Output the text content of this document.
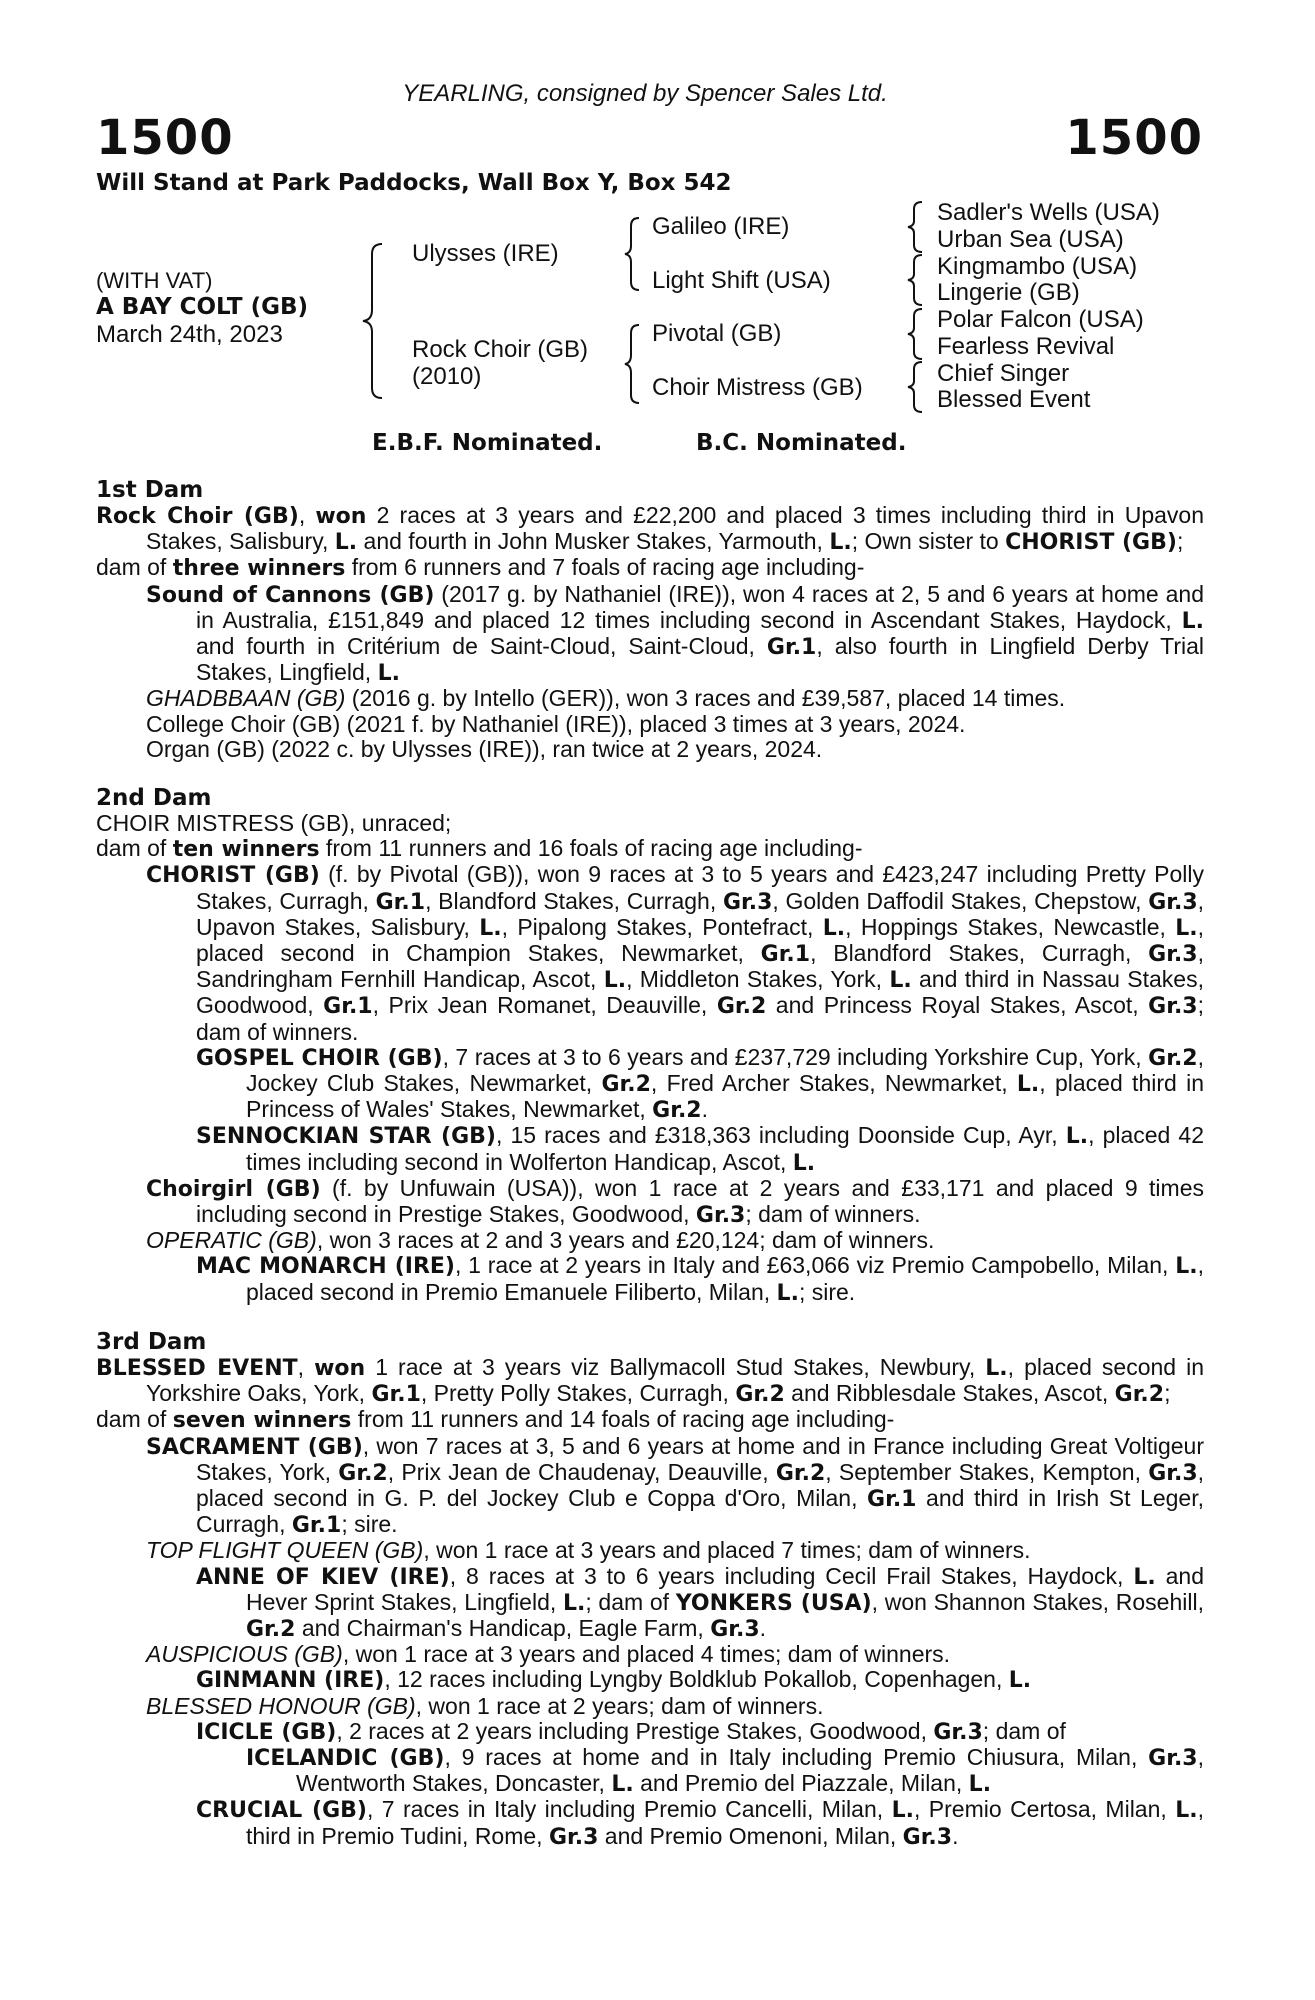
YEARLING, consigned by Spencer Sales Ltd.
1500	1500
Will Stand at Park Paddocks, Wall Box Y, Box 542
(WITH VAT)
A BAY COLT (GB)
March 24th, 2023
Ulysses (IRE)
Rock Choir (GB)
(2010)
Galileo (IRE)
Light Shift (USA)
Pivotal (GB)
Choir Mistress (GB)
Sadler's Wells (USA)
Urban Sea (USA)
Kingmambo (USA)
Lingerie (GB)
Polar Falcon (USA)
Fearless Revival
Chief Singer
Blessed Event
E.B.F. Nominated.	B.C. Nominated.
1st Dam
Rock Choir (GB), won 2 races at 3 years and £22,200 and placed 3 times including third in Upavon Stakes, Salisbury, L. and fourth in John Musker Stakes, Yarmouth, L.; Own sister to CHORIST (GB);
dam of three winners from 6 runners and 7 foals of racing age including-
Sound of Cannons (GB) (2017 g. by Nathaniel (IRE)), won 4 races at 2, 5 and 6 years at home and in Australia, £151,849 and placed 12 times including second in Ascendant Stakes, Haydock, L. and fourth in Critérium de Saint-Cloud, Saint-Cloud, Gr.1, also fourth in Lingfield Derby Trial Stakes, Lingfield, L.
GHADBBAAN (GB) (2016 g. by Intello (GER)), won 3 races and £39,587, placed 14 times.
College Choir (GB) (2021 f. by Nathaniel (IRE)), placed 3 times at 3 years, 2024.
Organ (GB) (2022 c. by Ulysses (IRE)), ran twice at 2 years, 2024.
2nd Dam
CHOIR MISTRESS (GB), unraced;
dam of ten winners from 11 runners and 16 foals of racing age including-
CHORIST (GB) (f. by Pivotal (GB)), won 9 races at 3 to 5 years and £423,247 including Pretty Polly Stakes, Curragh, Gr.1, Blandford Stakes, Curragh, Gr.3, Golden Daffodil Stakes, Chepstow, Gr.3, Upavon Stakes, Salisbury, L., Pipalong Stakes, Pontefract, L., Hoppings Stakes, Newcastle, L., placed second in Champion Stakes, Newmarket, Gr.1, Blandford Stakes, Curragh, Gr.3, Sandringham Fernhill Handicap, Ascot, L., Middleton Stakes, York, L. and third in Nassau Stakes, Goodwood, Gr.1, Prix Jean Romanet, Deauville, Gr.2 and Princess Royal Stakes, Ascot, Gr.3; dam of winners.
GOSPEL CHOIR (GB), 7 races at 3 to 6 years and £237,729 including Yorkshire Cup, York, Gr.2, Jockey Club Stakes, Newmarket, Gr.2, Fred Archer Stakes, Newmarket, L., placed third in Princess of Wales' Stakes, Newmarket, Gr.2.
SENNOCKIAN STAR (GB), 15 races and £318,363 including Doonside Cup, Ayr, L., placed 42 times including second in Wolferton Handicap, Ascot, L.
Choirgirl (GB) (f. by Unfuwain (USA)), won 1 race at 2 years and £33,171 and placed 9 times including second in Prestige Stakes, Goodwood, Gr.3; dam of winners.
OPERATIC (GB), won 3 races at 2 and 3 years and £20,124; dam of winners.
MAC MONARCH (IRE), 1 race at 2 years in Italy and £63,066 viz Premio Campobello, Milan, L., placed second in Premio Emanuele Filiberto, Milan, L.; sire.
3rd Dam
BLESSED EVENT, won 1 race at 3 years viz Ballymacoll Stud Stakes, Newbury, L., placed second in Yorkshire Oaks, York, Gr.1, Pretty Polly Stakes, Curragh, Gr.2 and Ribblesdale Stakes, Ascot, Gr.2;
dam of seven winners from 11 runners and 14 foals of racing age including-
SACRAMENT (GB), won 7 races at 3, 5 and 6 years at home and in France including Great Voltigeur Stakes, York, Gr.2, Prix Jean de Chaudenay, Deauville, Gr.2, September Stakes, Kempton, Gr.3, placed second in G. P. del Jockey Club e Coppa d'Oro, Milan, Gr.1 and third in Irish St Leger, Curragh, Gr.1; sire.
TOP FLIGHT QUEEN (GB), won 1 race at 3 years and placed 7 times; dam of winners.
ANNE OF KIEV (IRE), 8 races at 3 to 6 years including Cecil Frail Stakes, Haydock, L. and Hever Sprint Stakes, Lingfield, L.; dam of YONKERS (USA), won Shannon Stakes, Rosehill, Gr.2 and Chairman's Handicap, Eagle Farm, Gr.3.
AUSPICIOUS (GB), won 1 race at 3 years and placed 4 times; dam of winners.
GINMANN (IRE), 12 races including Lyngby Boldklub Pokallob, Copenhagen, L.
BLESSED HONOUR (GB), won 1 race at 2 years; dam of winners.
ICICLE (GB), 2 races at 2 years including Prestige Stakes, Goodwood, Gr.3; dam of
ICELANDIC (GB), 9 races at home and in Italy including Premio Chiusura, Milan, Gr.3, Wentworth Stakes, Doncaster, L. and Premio del Piazzale, Milan, L.
CRUCIAL (GB), 7 races in Italy including Premio Cancelli, Milan, L., Premio Certosa, Milan, L., third in Premio Tudini, Rome, Gr.3 and Premio Omenoni, Milan, Gr.3.
